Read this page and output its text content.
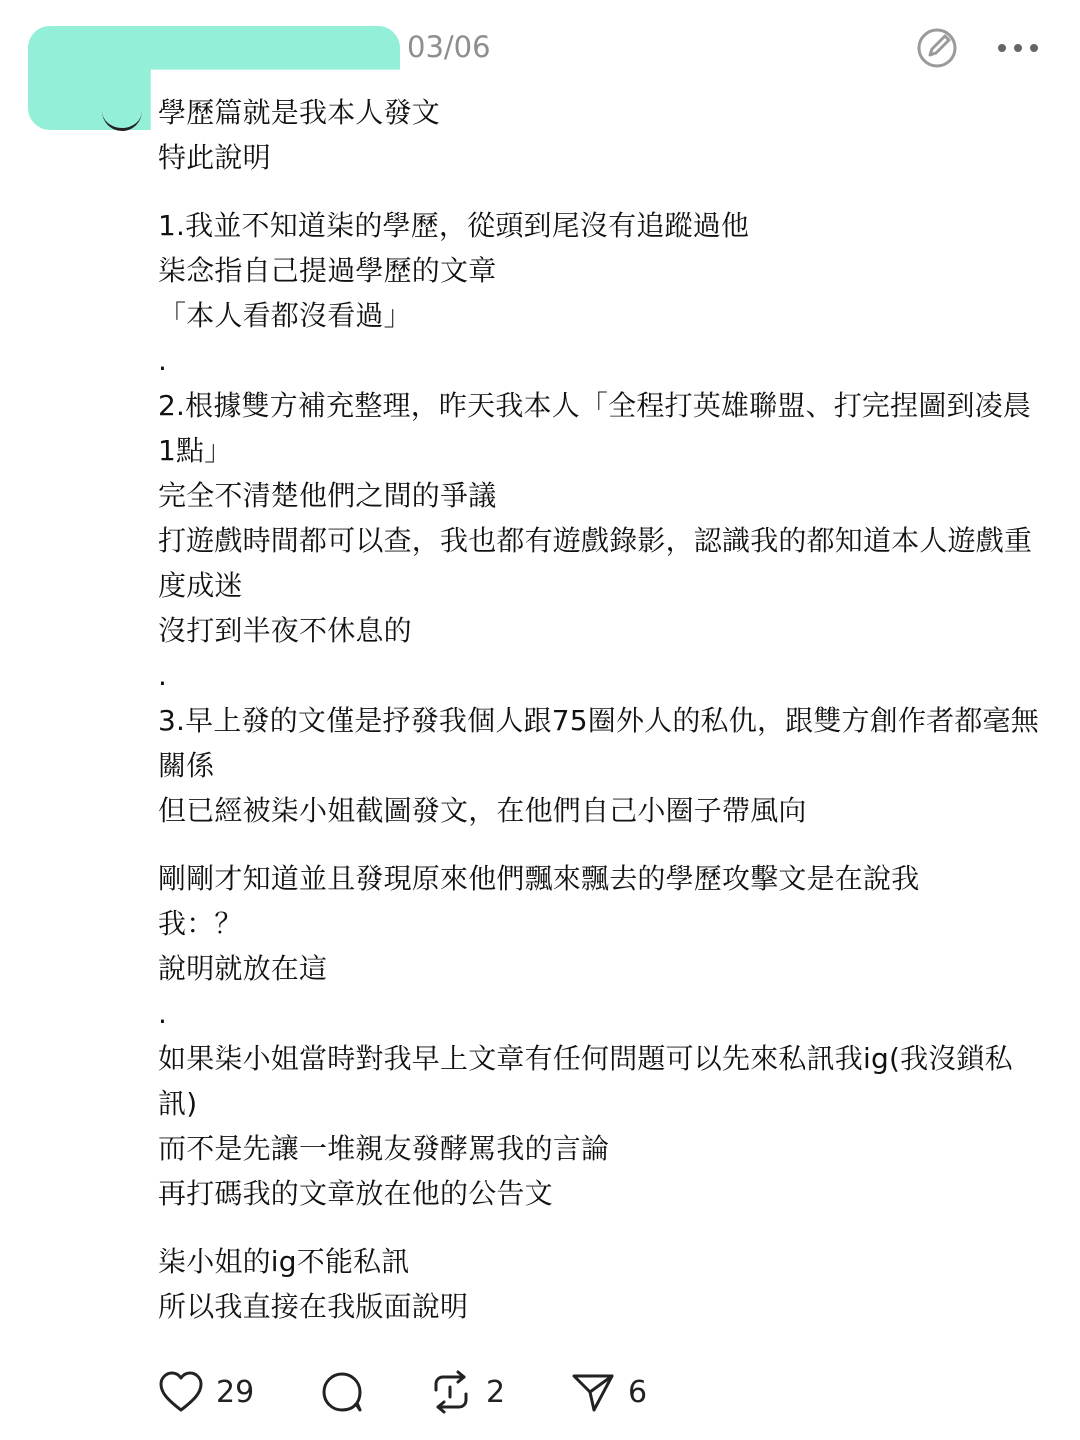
03/06

學歷篇就是我本人發文

特此說明

1.我並不知道柒的學歷，從頭到尾沒有追蹤過他

柒念指自己提過學歷的文章

「本人看都沒看過」

.

2.根據雙方補充整理，昨天我本人「全程打英雄聯盟、打完捏圖到凌晨1點」

完全不清楚他們之間的爭議

打遊戲時間都可以查，我也都有遊戲錄影，認識我的都知道本人遊戲重度成迷

沒打到半夜不休息的

.

3.早上發的文僅是抒發我個人跟75圈外人的私仇，跟雙方創作者都毫無關係

但已經被柒小姐截圖發文，在他們自己小圈子帶風向

剛剛才知道並且發現原來他們飄來飄去的學歷攻擊文是在說我

我：？

說明就放在這

.

如果柒小姐當時對我早上文章有任何問題可以先來私訊我ig(我沒鎖私訊)

而不是先讓一堆親友發酵罵我的言論

再打碼我的文章放在他的公告文

柒小姐的ig不能私訊

所以我直接在我版面說明

29	2	6
